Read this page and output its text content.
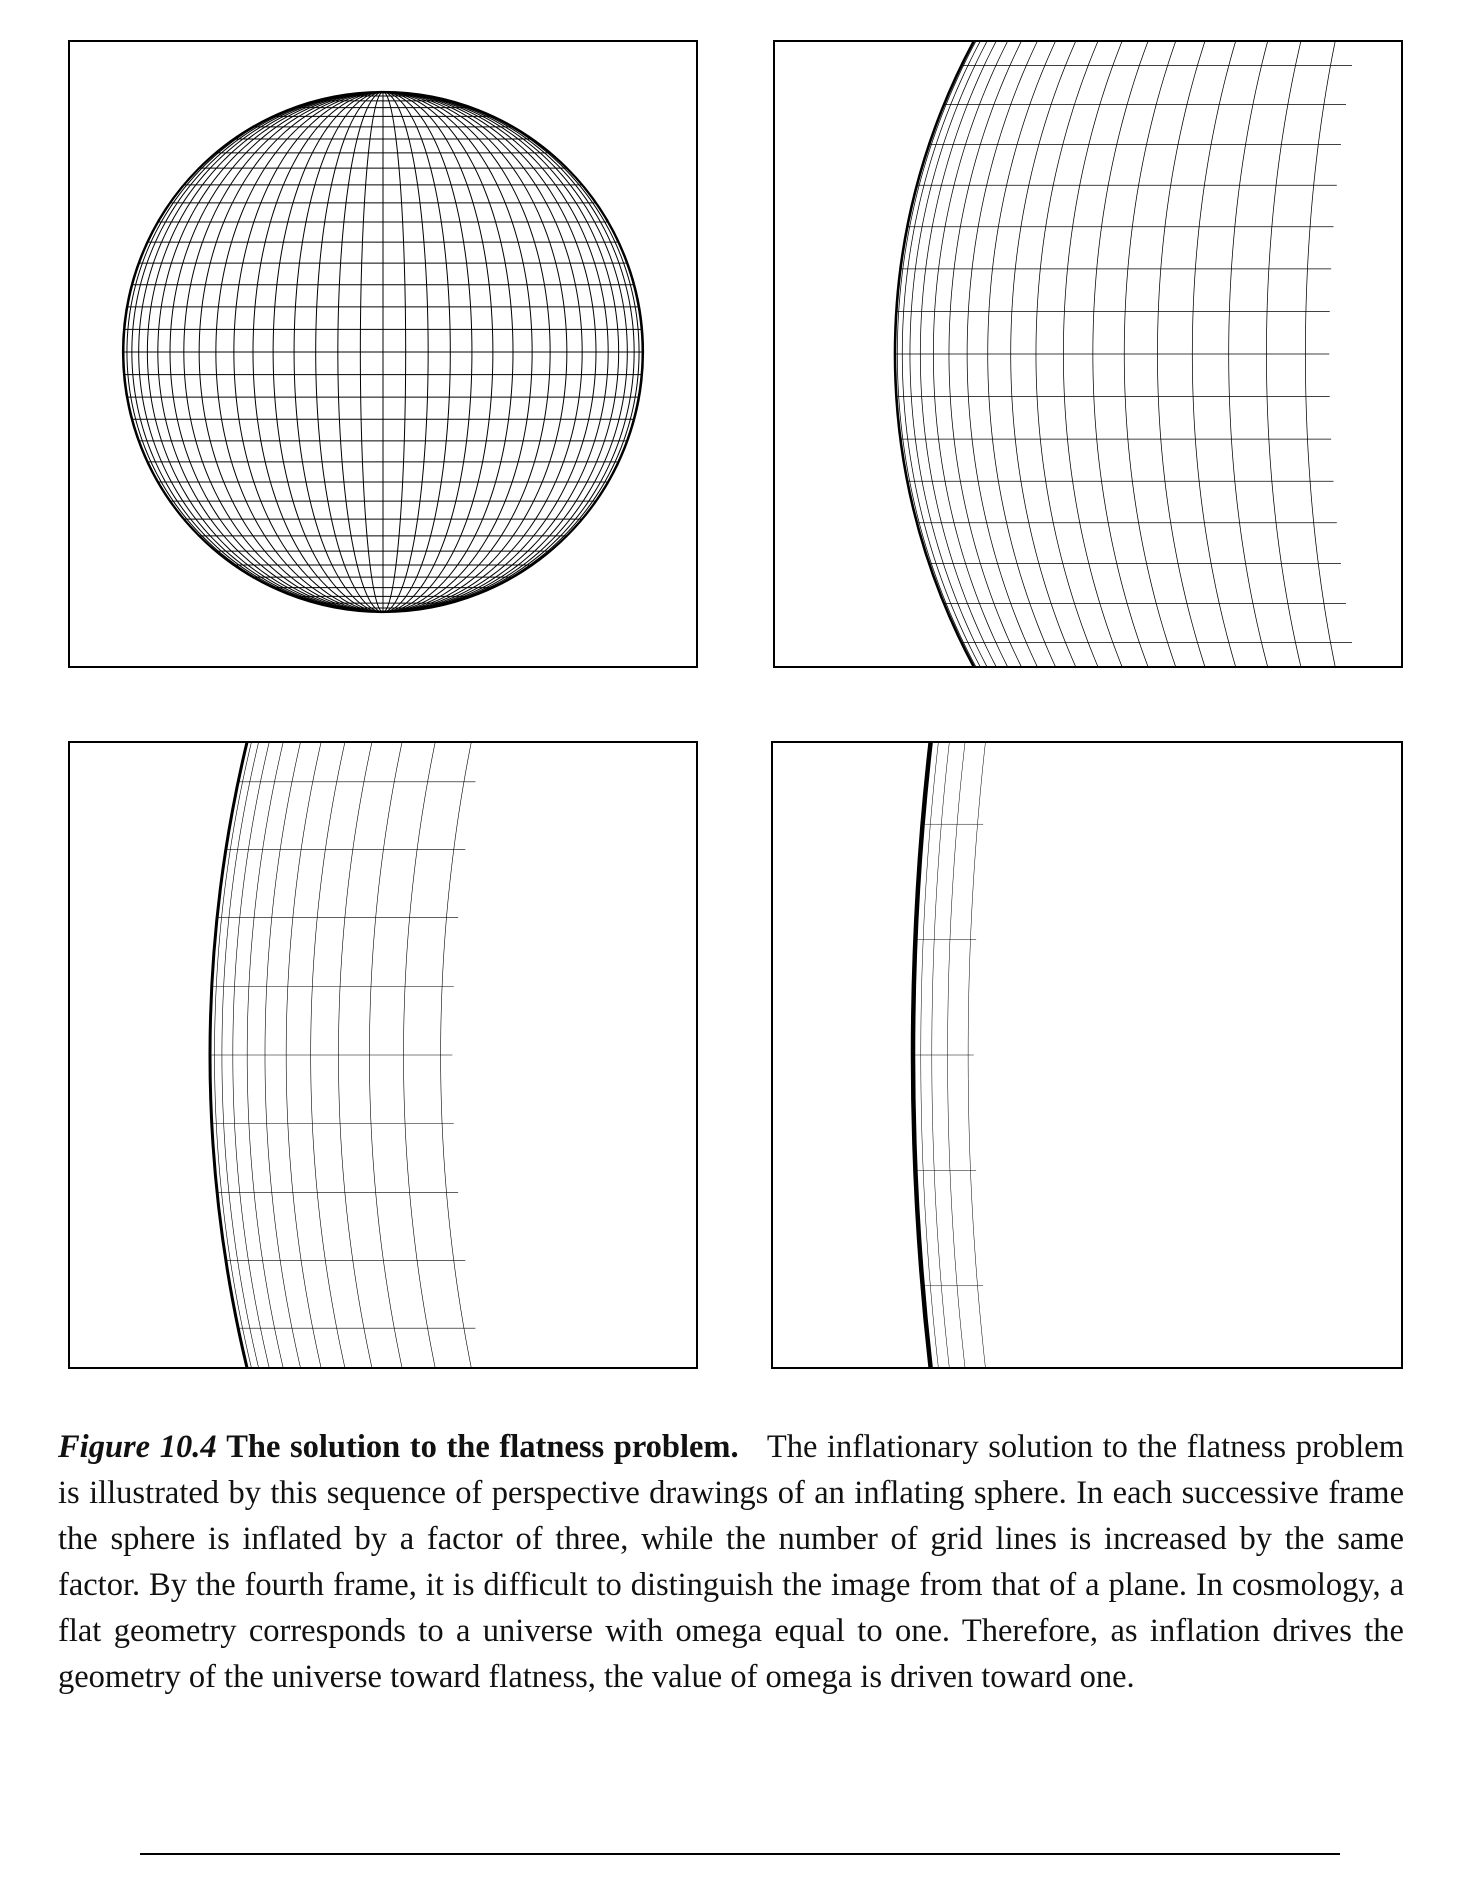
Figure 10.4 The solution to the flatness problem. The inflationary solution to the flatness problem is illustrated by this sequence of perspective drawings of an inflating sphere. In each successive frame the sphere is inflated by a factor of three, while the number of grid lines is increased by the same factor. By the fourth frame, it is difficult to distinguish the image from that of a plane. In cosmology, a flat geometry corresponds to a universe with omega equal to one. Therefore, as inflation drives the geometry of the universe toward flatness, the value of omega is driven toward one.
